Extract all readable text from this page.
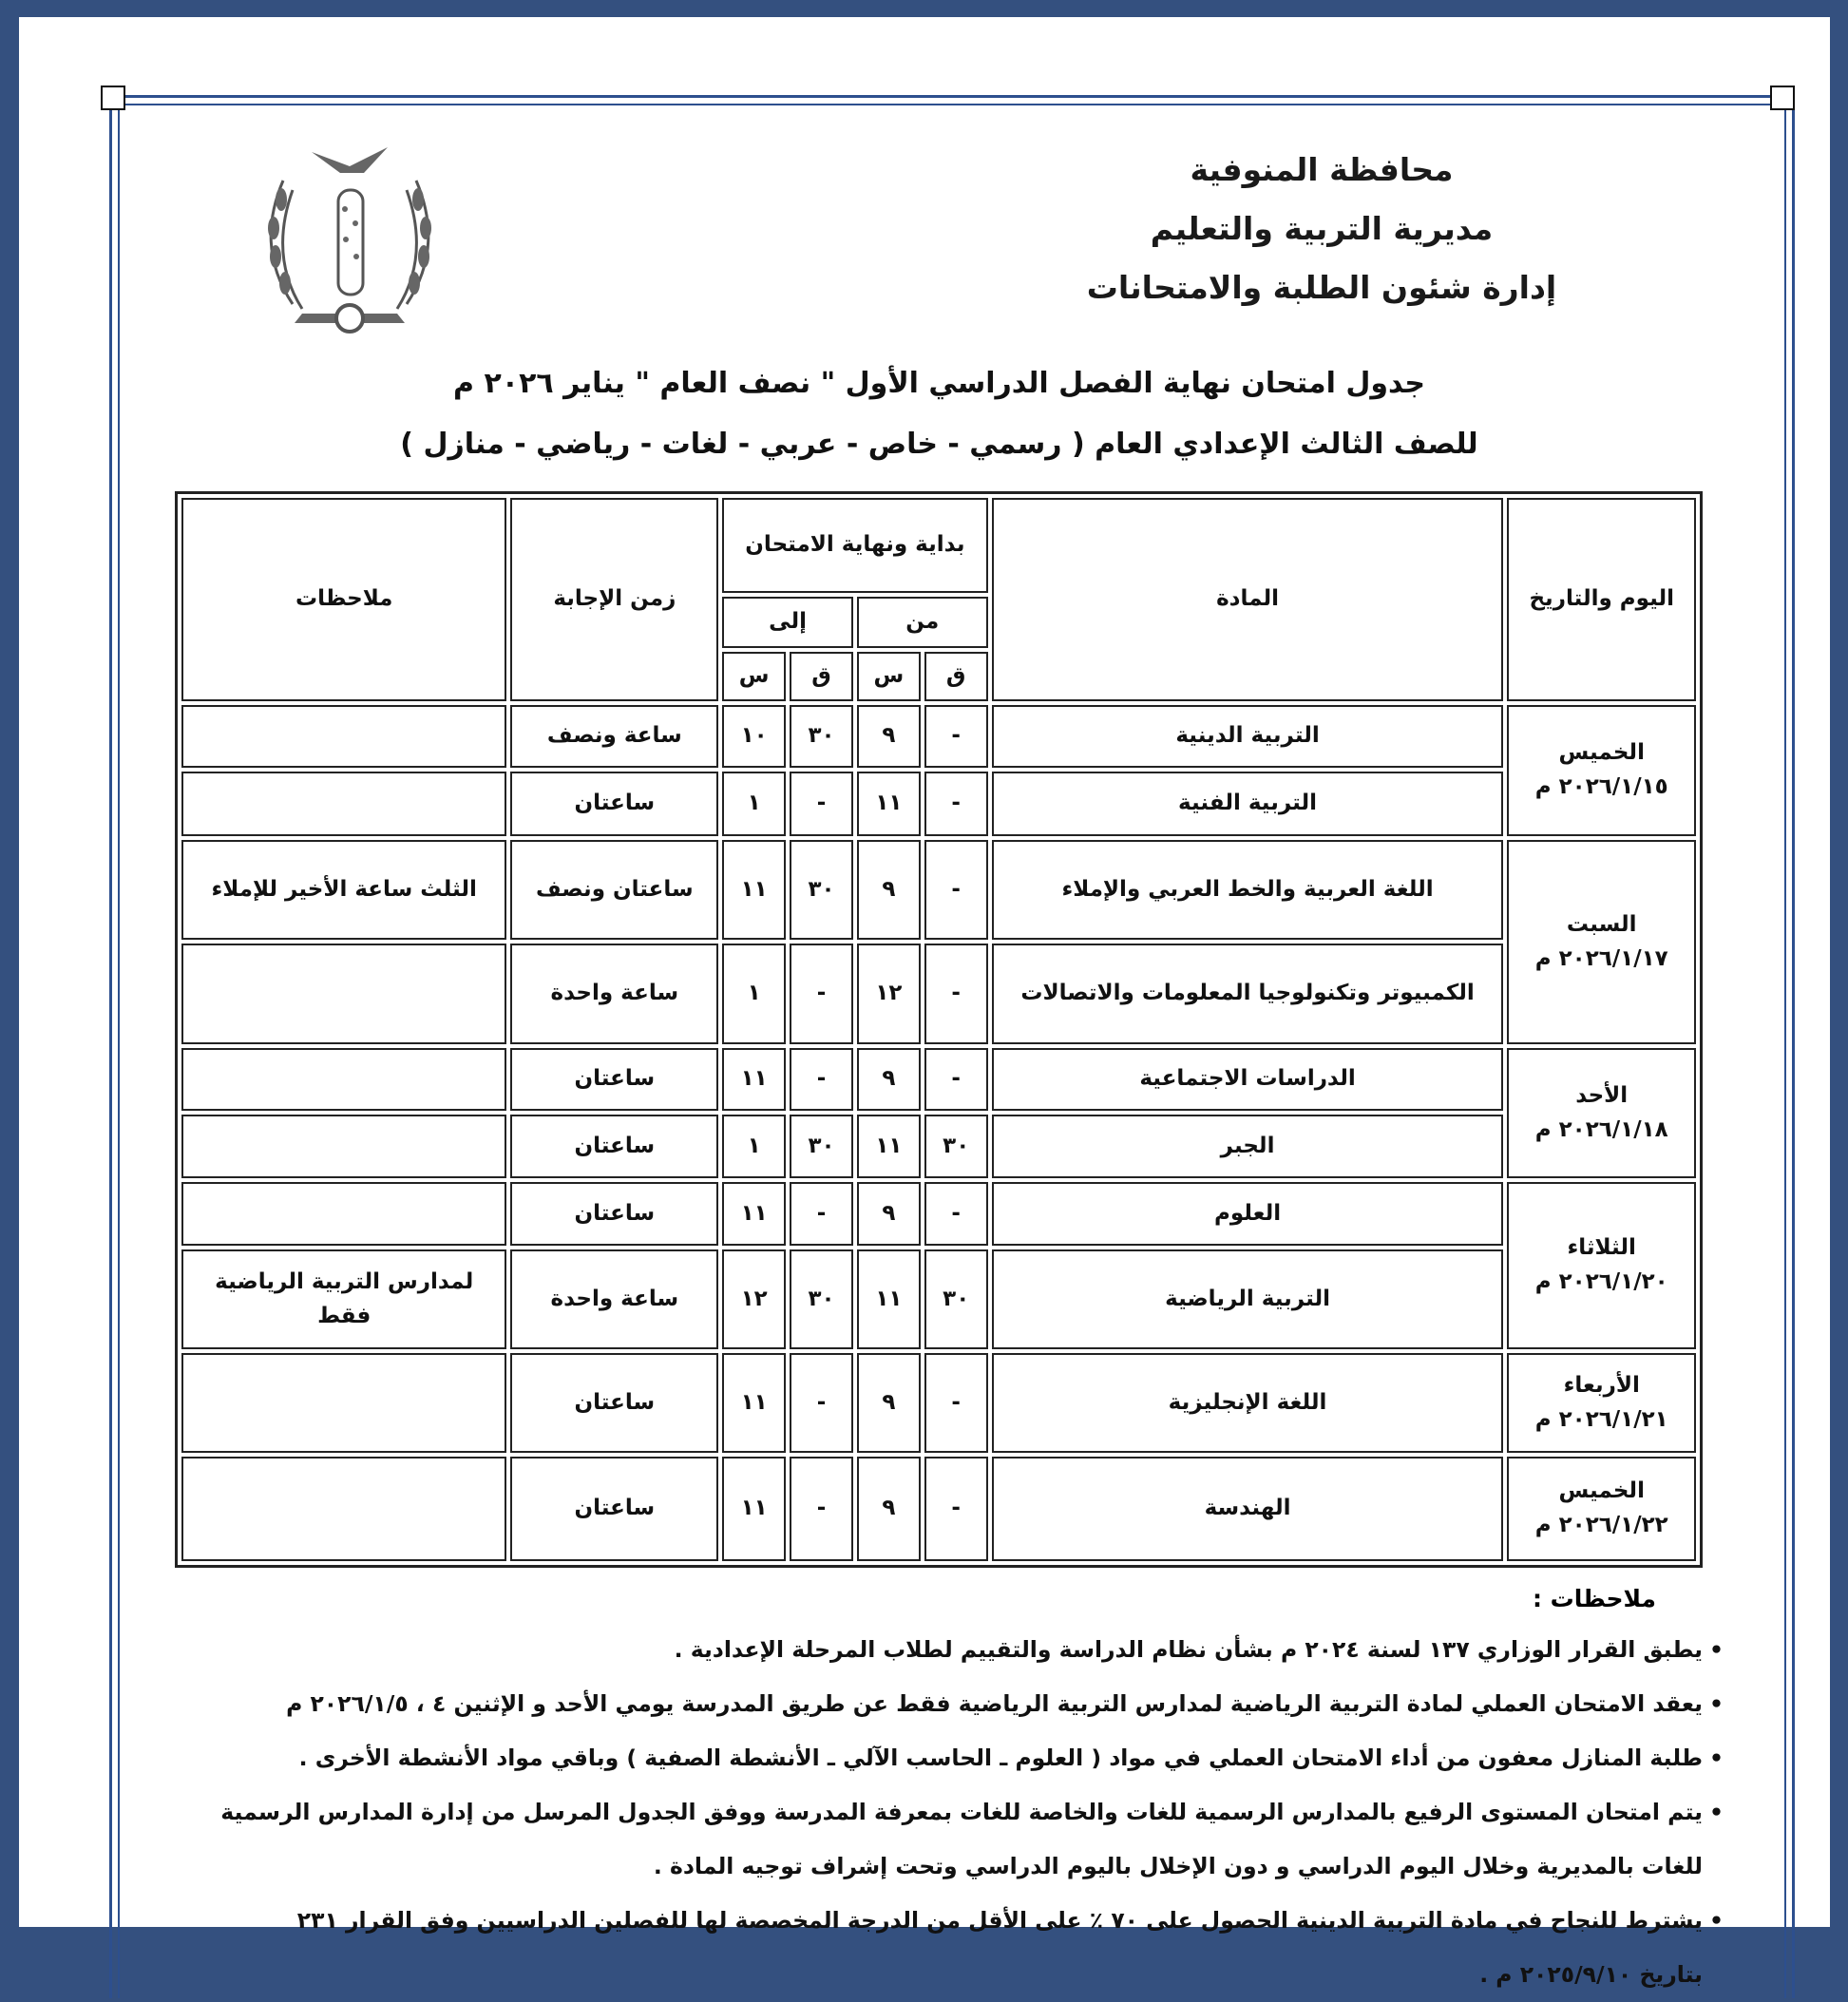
محافظة المنوفية
مديرية التربية والتعليم
إدارة شئون الطلبة والامتحانات
جدول امتحان نهاية الفصل الدراسي الأول " نصف العام " يناير ٢٠٢٦ م
للصف الثالث الإعدادي العام ( رسمي - خاص - عربي - لغات - رياضي - منازل )
اليوم والتاريخ	المادة	بداية ونهاية الامتحان				زمن الإجابة	ملاحظات
		من		إلى			
		ق	س	ق	س		

الخميس
٢٠٢٦/١/١٥ م	التربية الدينية	-	٩	٣٠	١٠	ساعة ونصف	
	التربية الفنية	-	١١	-	١	ساعتان	

السبت
٢٠٢٦/١/١٧ م	اللغة العربية والخط العربي والإملاء	-	٩	٣٠	١١	ساعتان ونصف	الثلث ساعة الأخير للإملاء
	الكمبيوتر وتكنولوجيا المعلومات والاتصالات	-	١٢	-	١	ساعة واحدة	

الأحد
٢٠٢٦/١/١٨ م	الدراسات الاجتماعية	-	٩	-	١١	ساعتان	
	الجبر	٣٠	١١	٣٠	١	ساعتان	

الثلاثاء
٢٠٢٦/١/٢٠ م	العلوم	-	٩	-	١١	ساعتان	
	التربية الرياضية	٣٠	١١	٣٠	١٢	ساعة واحدة	لمدارس التربية الرياضية فقط

الأربعاء
٢٠٢٦/١/٢١ م	اللغة الإنجليزية	-	٩	-	١١	ساعتان	

الخميس
٢٠٢٦/١/٢٢ م	الهندسة	-	٩	-	١١	ساعتان	
ملاحظات :
•يطبق القرار الوزاري ١٣٧ لسنة ٢٠٢٤ م بشأن نظام الدراسة والتقييم لطلاب المرحلة الإعدادية .
•يعقد الامتحان العملي لمادة التربية الرياضية لمدارس التربية الرياضية فقط عن طريق المدرسة يومي الأحد و الإثنين ٤ ، ٢٠٢٦/١/٥ م
•طلبة المنازل معفون من أداء الامتحان العملي في مواد ( العلوم ـ الحاسب الآلي ـ الأنشطة الصفية ) وباقي مواد الأنشطة الأخرى .
•يتم امتحان المستوى الرفيع بالمدارس الرسمية للغات والخاصة للغات بمعرفة المدرسة ووفق الجدول المرسل من إدارة المدارس الرسمية
للغات بالمديرية وخلال اليوم الدراسي و دون الإخلال باليوم الدراسي وتحت إشراف توجيه المادة .
•يشترط للنجاح في مادة التربية الدينية الحصول على ٧٠ ٪ على الأقل من الدرجة المخصصة لها للفصلين الدراسيين وفق القرار ٢٣١
بتاريخ ٢٠٢٥/٩/١٠ م .
